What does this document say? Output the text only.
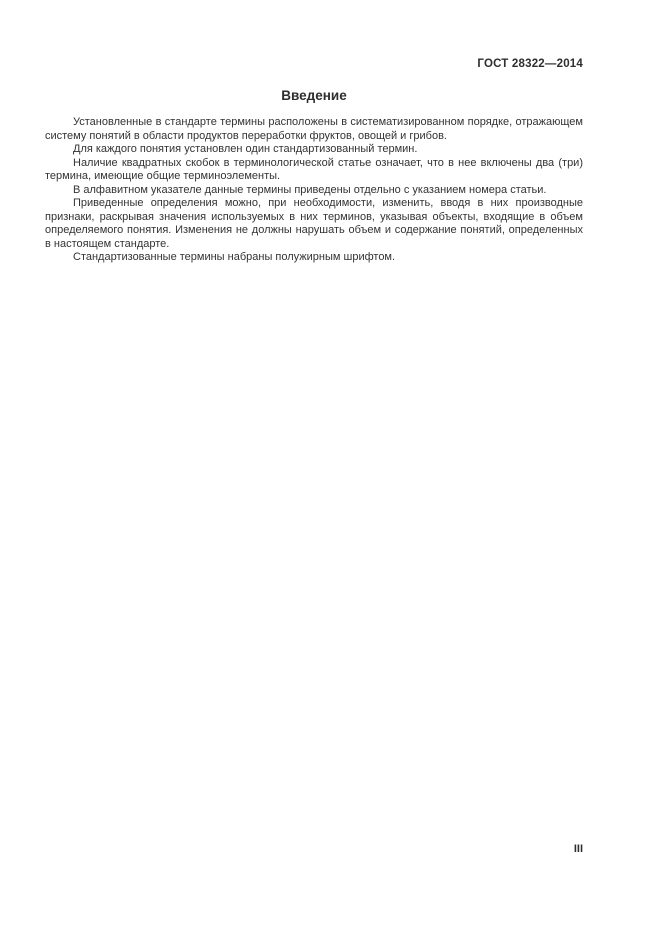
ГОСТ 28322—2014
Введение

Установленные в стандарте термины расположены в систематизированном порядке, отражающем систему понятий в области продуктов переработки фруктов, овощей и грибов.

Для каждого понятия установлен один стандартизованный термин.

Наличие квадратных скобок в терминологической статье означает, что в нее включены два (три) термина, имеющие общие терминоэлементы.

В алфавитном указателе данные термины приведены отдельно с указанием номера статьи.

Приведенные определения можно, при необходимости, изменить, вводя в них производные признаки, раскрывая значения используемых в них терминов, указывая объекты, входящие в объем определяемого понятия. Изменения не должны нарушать объем и содержание понятий, определенных в настоящем стандарте.

Стандартизованные термины набраны полужирным шрифтом.

III
